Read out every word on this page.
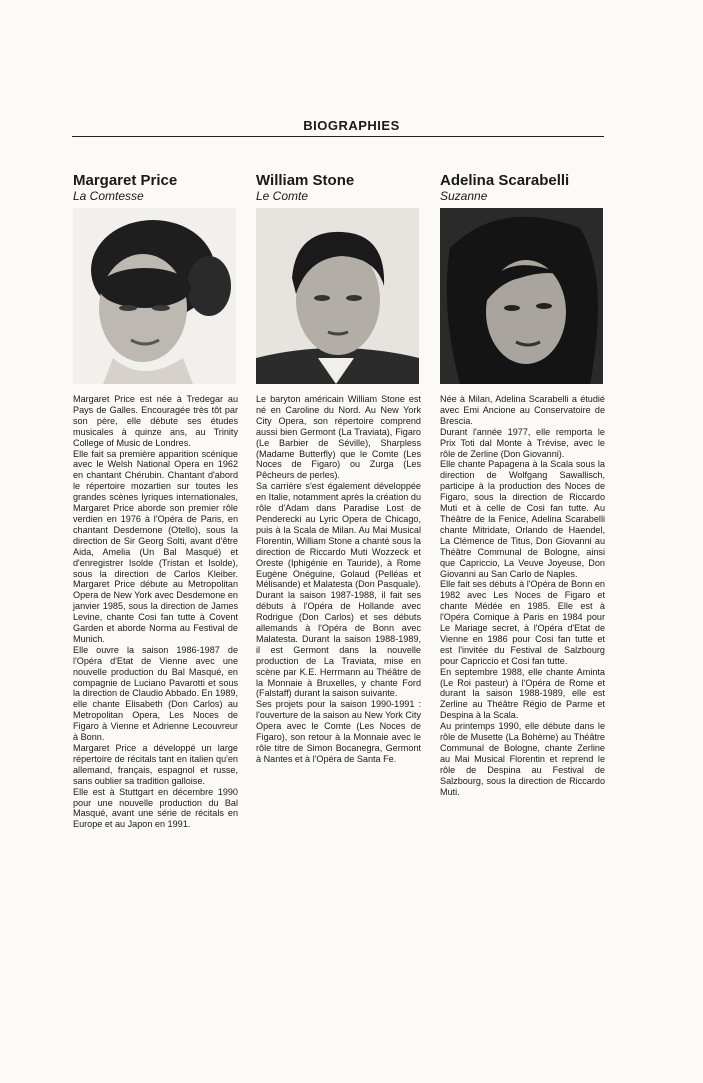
BIOGRAPHIES
Margaret Price
La Comtesse

Margaret Price est née à Tredegar au Pays de Galles. Encouragée très tôt par son père, elle débute ses études musicales à quinze ans, au Trinity College of Music de Londres.

Elle fait sa première apparition scénique avec le Welsh National Opera en 1962 en chantant Chérubin. Chantant d'abord le répertoire mozartien sur toutes les grandes scènes lyriques internationales, Margaret Price aborde son premier rôle verdien en 1976 à l'Opéra de Paris, en chantant Desdemone (Otello), sous la direction de Sir Georg Solti, avant d'être Aida, Amelia (Un Bal Masqué) et d'enregistrer Isolde (Tristan et Isolde), sous la direction de Carlos Kleiber. Margaret Price débute au Metropolitan Opera de New York avec Desdemone en janvier 1985, sous la direction de James Levine, chante Cosi fan tutte à Covent Garden et aborde Norma au Festival de Munich.

Elle ouvre la saison 1986-1987 de l'Opéra d'Etat de Vienne avec une nouvelle production du Bal Masqué, en compagnie de Luciano Pavarotti et sous la direction de Claudio Abbado. En 1989, elle chante Elisabeth (Don Carlos) au Metropolitan Opera, Les Noces de Figaro à Vienne et Adrienne Lecouvreur à Bonn.

Margaret Price a développé un large répertoire de récitals tant en italien qu'en allemand, français, espagnol et russe, sans oublier sa tradition galloise.

Elle est à Stuttgart en décembre 1990 pour une nouvelle production du Bal Masqué, avant une série de récitals en Europe et au Japon en 1991.

William Stone
Le Comte

Le baryton américain William Stone est né en Caroline du Nord. Au New York City Opera, son répertoire comprend aussi bien Germont (La Traviata), Figaro (Le Barbier de Séville), Sharpless (Madame Butterfly) que le Comte (Les Noces de Figaro) ou Zurga (Les Pêcheurs de perles).

Sa carrière s'est également développée en Italie, notamment après la création du rôle d'Adam dans Paradise Lost de Penderecki au Lyric Opera de Chicago, puis à la Scala de Milan. Au Mai Musical Florentin, William Stone a chanté sous la direction de Riccardo Muti Wozzeck et Oreste (Iphigénie en Tauride), à Rome Eugène Onéguine, Golaud (Pelléas et Mélisande) et Malatesta (Don Pasquale).

Durant la saison 1987-1988, il fait ses débuts à l'Opéra de Hollande avec Rodrigue (Don Carlos) et ses débuts allemands à l'Opéra de Bonn avec Malatesta. Durant la saison 1988-1989, il est Germont dans la nouvelle production de La Traviata, mise en scène par K.E. Herrmann au Théâtre de la Monnaie à Bruxelles, y chante Ford (Falstaff) durant la saison suivante.

Ses projets pour la saison 1990-1991 : l'ouverture de la saison au New York City Opera avec le Comte (Les Noces de Figaro), son retour à la Monnaie avec le rôle titre de Simon Bocanegra, Germont à Nantes et à l'Opéra de Santa Fe.

Adelina Scarabelli
Suzanne

Née à Milan, Adelina Scarabelli a étudié avec Emi Ancione au Conservatoire de Brescia.

Durant l'année 1977, elle remporta le Prix Toti dal Monte à Trévise, avec le rôle de Zerline (Don Giovanni).

Elle chante Papagena à la Scala sous la direction de Wolfgang Sawallisch, participe à la production des Noces de Figaro, sous la direction de Riccardo Muti et à celle de Cosi fan tutte. Au Théâtre de la Fenice, Adelina Scarabelli chante Mitridate, Orlando de Haendel, La Clémence de Titus, Don Giovanni au Théâtre Communal de Bologne, ainsi que Capriccio, La Veuve Joyeuse, Don Giovanni au San Carlo de Naples.

Elle fait ses débuts à l'Opéra de Bonn en 1982 avec Les Noces de Figaro et chante Médée en 1985. Elle est à l'Opéra Comique à Paris en 1984 pour Le Mariage secret, à l'Opéra d'Etat de Vienne en 1986 pour Cosi fan tutte et est l'invitée du Festival de Salzbourg pour Capriccio et Cosi fan tutte.

En septembre 1988, elle chante Aminta (Le Roi pasteur) à l'Opéra de Rome et durant la saison 1988-1989, elle est Zerline au Théâtre Régio de Parme et Despina à la Scala.

Au printemps 1990, elle débute dans le rôle de Musette (La Bohème) au Théâtre Communal de Bologne, chante Zerline au Mai Musical Florentin et reprend le rôle de Despina au Festival de Salzbourg, sous la direction de Riccardo Muti.
